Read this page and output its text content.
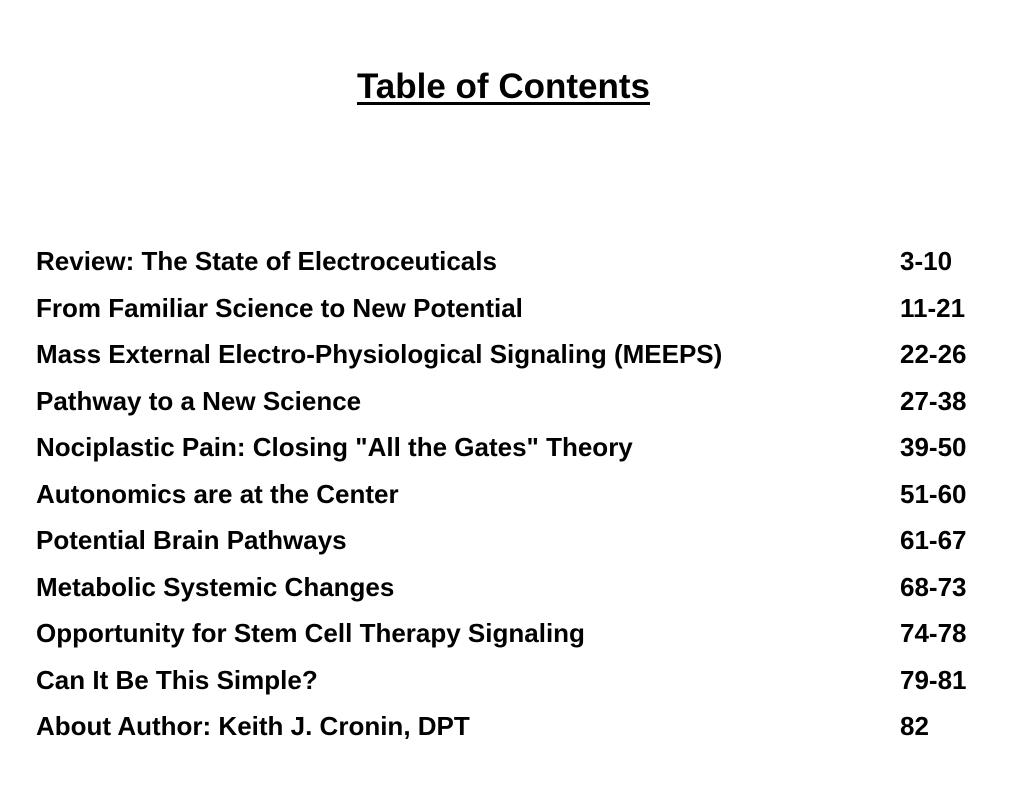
Table of Contents
Review: The State of Electroceuticals	3-10
From Familiar Science to New Potential	11-21
Mass External Electro-Physiological Signaling (MEEPS)	22-26
Pathway to a New Science	27-38
Nociplastic Pain: Closing "All the Gates" Theory	39-50
Autonomics are at the Center	51-60
Potential Brain Pathways	61-67
Metabolic Systemic Changes	68-73
Opportunity for Stem Cell Therapy Signaling	74-78
Can It Be This Simple?	79-81
About Author: Keith J. Cronin, DPT	82
